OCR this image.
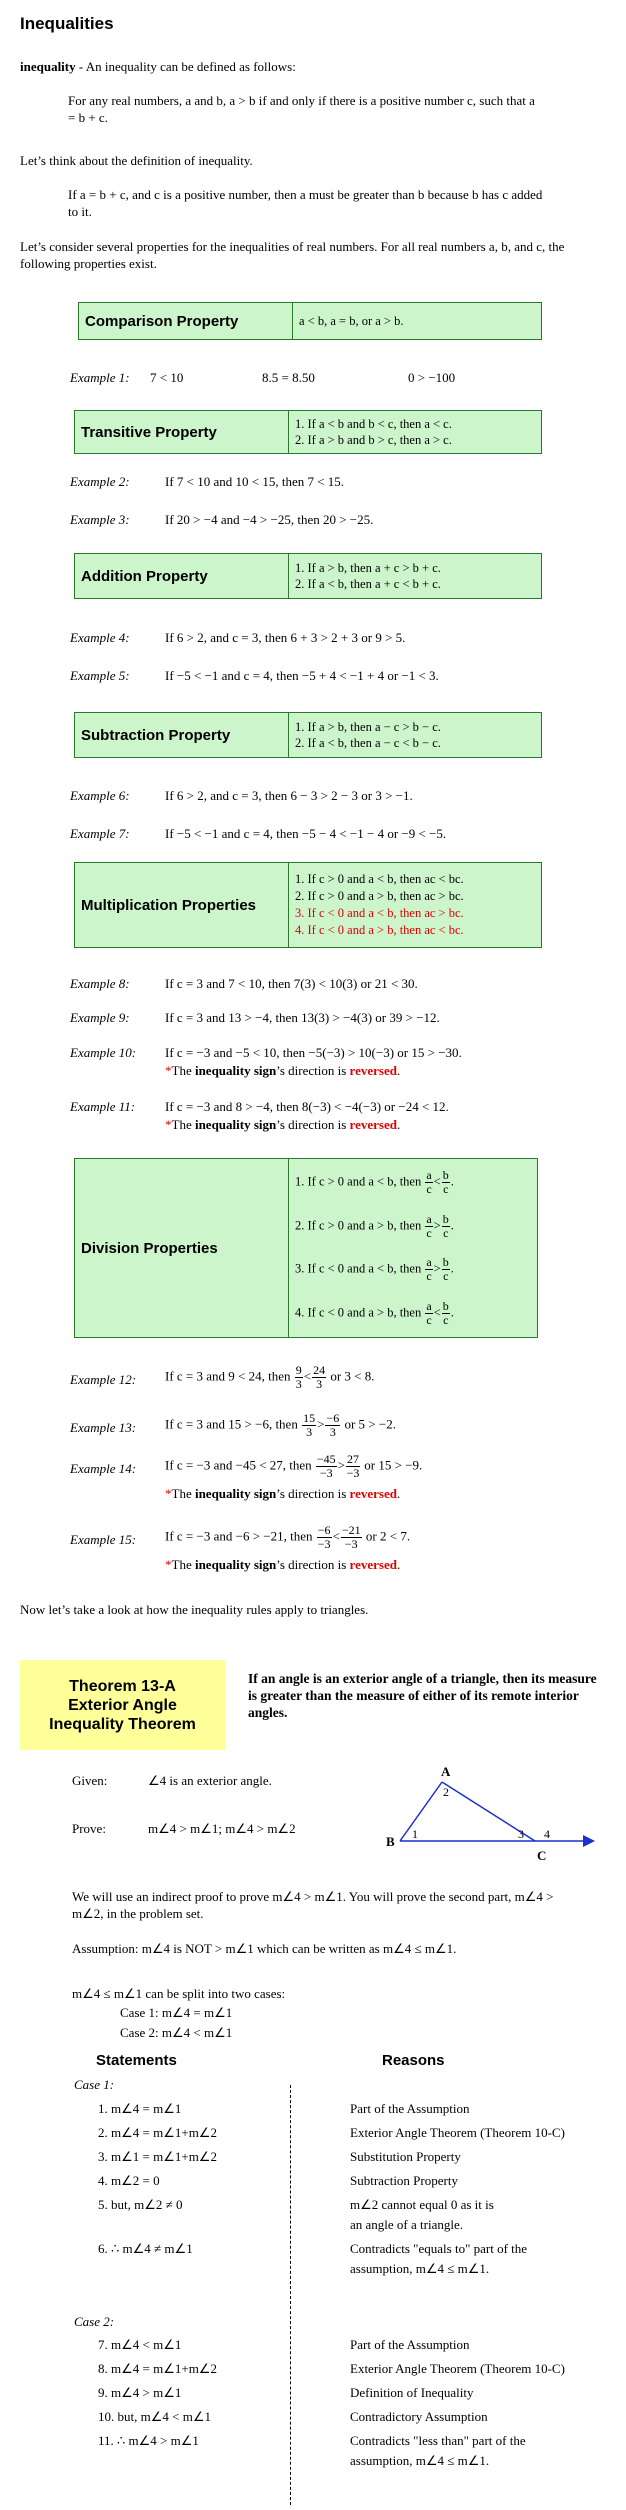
Inequalities
inequality - An inequality can be defined as follows:
For any real numbers, a and b, a > b if and only if there is a positive number c, such that a = b + c.
Let’s think about the definition of inequality.
If a = b + c, and c is a positive number, then a must be greater than b because b has c added to it.
Let’s consider several properties for the inequalities of real numbers. For all real numbers a, b, and c, the following properties exist.
Comparison Property	a < b, a = b, or a > b.
Example 1: 7 < 10	8.5 = 8.50	0 > −100
Transitive Property	1. If a < b and b < c, then a < c.
2. If a > b and b > c, then a > c.
Example 2:	If 7 < 10 and 10 < 15, then 7 < 15.
Example 3:	If 20 > −4 and −4 > −25, then 20 > −25.
Addition Property	1. If a > b, then a + c > b + c.
2. If a < b, then a + c < b + c.
Example 4:	If 6 > 2, and c = 3, then 6 + 3 > 2 + 3 or 9 > 5.
Example 5:	If −5 < −1 and c = 4, then −5 + 4 < −1 + 4 or −1 < 3.
Subtraction Property	1. If a > b, then a − c > b − c.
2. If a < b, then a − c < b − c.
Example 6:	If 6 > 2, and c = 3, then 6 − 3 > 2 − 3 or 3 > −1.
Example 7:	If −5 < −1 and c = 4, then −5 − 4 < −1 − 4 or −9 < −5.
Multiplication Properties
1. If c > 0 and a < b, then ac < bc.
2. If c > 0 and a > b, then ac > bc.
3. If c < 0 and a < b, then ac > bc.
4. If c < 0 and a > b, then ac < bc.
Example 8:	If c = 3 and 7 < 10, then 7(3) < 10(3) or 21 < 30.
Example 9:	If c = 3 and 13 > −4, then 13(3) > −4(3) or 39 > −12.
Example 10: If c = −3 and −5 < 10, then −5(−3) > 10(−3) or 15 > −30.
*The inequality sign’s direction is reversed.
Example 11: If c = −3 and 8 > −4, then 8(−3) < −4(−3) or −24 < 12.
*The inequality sign’s direction is reversed.
Division Properties
1. If c > 0 and a < b, then $\frac{a}{c} < \frac{b}{c}$ .
2. If c > 0 and a > b, then $\frac{a}{c} > \frac{b}{c}$ .
3. If c < 0 and a < b, then $\frac{a}{c} > \frac{b}{c}$ .
4. If c < 0 and a > b, then $\frac{a}{c} < \frac{b}{c}$ .
Example 12: If c = 3 and 9 < 24, then $\frac{9}{3} < \frac{24}{3}$ or 3 < 8.
Example 13: If c = 3 and 15 > −6, then $\frac{15}{3} > \frac{-6}{3}$ or 5 > −2.
Example 14: If c = −3 and −45 < 27, then $\frac{-45}{-3} > \frac{27}{-3}$ or 15 > −9.
*The inequality sign’s direction is reversed.
Example 15: If c = −3 and −6 > −21, then $\frac{-6}{-3} < \frac{-21}{-3}$ or 2 < 7.
*The inequality sign’s direction is reversed.
Now let’s take a look at how the inequality rules apply to triangles.
Theorem 13-A
Exterior Angle
Inequality Theorem
If an angle is an exterior angle of a triangle, then its measure is greater than the measure of either of its remote interior angles.
Given:	∠4 is an exterior angle.
Prove:	m∠4 > m∠1; m∠4 > m∠2
A
B
C
1
2
3 4
We will use an indirect proof to prove m∠4 > m∠1. You will prove the second part, m∠4 > m∠2, in the problem set.
Assumption: m∠4 is NOT > m∠1 which can be written as m∠4 ≤ m∠1.
m∠4 ≤ m∠1 can be split into two cases:
Case 1: m∠4 = m∠1
Case 2: m∠4 < m∠1
Statements	Reasons
Case 1:
1. m∠4 = m∠1	Part of the Assumption
2. m∠4 = m∠1+m∠2	Exterior Angle Theorem (Theorem 10-C)
3. m∠1 = m∠1+m∠2	Substitution Property
4. m∠2 = 0	Subtraction Property
5. but, m∠2 ≠ 0	m∠2 cannot equal 0 as it is
an angle of a triangle.
6. ∴ m∠4 ≠ m∠1	Contradicts "equals to" part of the
assumption, m∠4 ≤ m∠1.
Case 2:
7. m∠4 < m∠1	Part of the Assumption
8. m∠4 = m∠1+m∠2	Exterior Angle Theorem (Theorem 10-C)
9. m∠4 > m∠1	Definition of Inequality
10. but, m∠4 < m∠1	Contradictory Assumption
11. ∴ m∠4 > m∠1	Contradicts "less than" part of the
assumption, m∠4 ≤ m∠1.
